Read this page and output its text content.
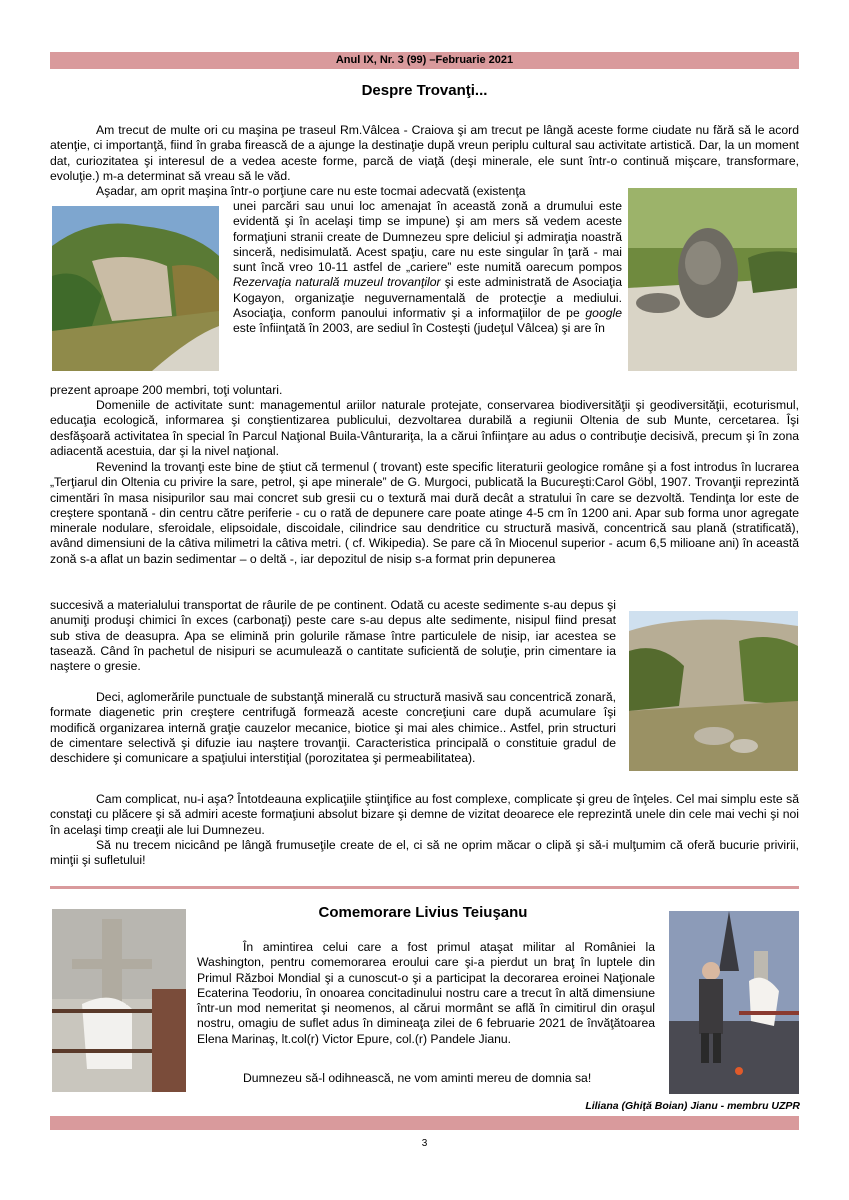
Anul IX, Nr. 3 (99) –Februarie 2021
Despre Trovanţi...

Am trecut de multe ori cu maşina pe traseul Rm.Vâlcea - Craiova şi am trecut pe lângă aceste forme ciudate nu fără să le acord atenţie, ci importanţă, fiind în graba firească de a ajunge la destinaţie după vreun periplu cultural sau activitate artistică. Dar, la un moment dat, curiozitatea şi interesul de a vedea aceste forme, parcă de viaţă (deşi minerale, ele sunt într-o continuă mişcare, transformare, evoluţie.) m-a determinat să vreau să le văd.

Aşadar, am oprit maşina într-o porţiune care nu este tocmai adecvată (existenţa

unei parcări sau unui loc amenajat în această zonă a drumului este evidentă şi în acelaşi timp se impune) şi am mers să vedem aceste formaţiuni stranii create de Dumnezeu spre deliciul şi admiraţia noastră sinceră, nedisimulată. Acest spaţiu, care nu este singular în ţară - mai sunt încă vreo 10-11 astfel de „cariere” este numită oarecum pompos Rezervaţia naturală muzeul trovanţilor şi este administrată de Asociaţia Kogayon, organizaţie neguvernamentală de protecţie a mediului. Asociaţia, conform panoului informativ şi a informaţiilor de pe google este înfiinţată în 2003, are sediul în Costeşti (judeţul Vâlcea) şi are în

prezent aproape 200 membri, toţi voluntari.

Domeniile de activitate sunt: managementul ariilor naturale protejate, conservarea biodiversităţii şi geodiversităţii, ecoturismul, educaţia ecologică, informarea şi conştientizarea publicului, dezvoltarea durabilă a regiunii Oltenia de sub Munte, cercetarea. Îşi desfăşoară activitatea în special în Parcul Naţional Buila-Vânturariţa, la a cărui înfiinţare au adus o contribuţie decisivă, precum şi în zona adiacentă acestuia, dar şi la nivel naţional.

Revenind la trovanţi este bine de ştiut că termenul ( trovant) este specific literaturii geologice române şi a fost introdus în lucrarea „Terţiarul din Oltenia cu privire la sare, petrol, şi ape minerale” de G. Murgoci, publicată la Bucureşti:Carol Göbl, 1907. Trovanţii reprezintă cimentări în masa nisipurilor sau mai concret sub gresii cu o textură mai dură decât a stratului în care se dezvoltă. Tendinţa lor este de creştere spontană - din centru către periferie - cu o rată de depunere care poate atinge 4-5 cm în 1200 ani. Apar sub forma unor agregate minerale nodulare, sferoidale, elipsoidale, discoidale, cilindrice sau dendritice cu structură masivă, concentrică sau plană (stratificată), având dimensiuni de la câtiva milimetri la câtiva metri. ( cf. Wikipedia). Se pare că în Miocenul superior - acum 6,5 milioane ani) în această zonă s-a aflat un bazin sedimentar – o deltă -, iar depozitul de nisip s-a format prin depunerea

succesivă a materialului transportat de râurile de pe continent. Odată cu aceste sedimente s-au depus şi anumiţi produşi chimici în exces (carbonaţi) peste care s-au depus alte sedimente, nisipul fiind presat sub stiva de deasupra. Apa se elimină prin golurile rămase între particulele de nisip, iar acestea se tasează. Când în pachetul de nisipuri se acumulează o cantitate suficientă de soluţie, prin cimentare ia naştere o gresie.

Deci, aglomerările punctuale de substanţă minerală cu structură masivă sau concentrică zonară, formate diagenetic prin creştere centrifugă formează aceste concreţiuni care după acumulare îşi modifică organizarea internă graţie cauzelor mecanice, biotice şi mai ales chimice.. Astfel, prin structuri de cimentare selectivă şi difuzie iau naştere trovanţii. Caracteristica principală o constituie gradul de deschidere şi comunicare a spaţiului interstiţial (porozitatea şi permeabilitatea).

Cam complicat, nu-i aşa? Întotdeauna explicaţiile ştiinţifice au fost complexe, complicate şi greu de înţeles. Cel mai simplu este să constaţi cu plăcere şi să admiri aceste formaţiuni absolut bizare şi demne de vizitat deoarece ele reprezintă unele din cele mai vechi şi noi în acelaşi timp creaţii ale lui Dumnezeu.

Să nu trecem nicicând pe lângă frumuseţile create de el, ci să ne oprim măcar o clipă şi să-i mulţumim că oferă bucurie privirii, minţii şi sufletului!

Comemorare Livius Teiuşanu

În amintirea celui care a fost primul ataşat militar al României la Washington, pentru comemorarea eroului care şi-a pierdut un braţ în luptele din Primul Război Mondial şi a cunoscut-o şi a participat la decorarea eroinei Naţionale Ecaterina Teodoriu, în onoarea concitadinului nostru care a trecut în altă dimensiune într-un mod nemeritat şi neomenos, al cărui mormânt se află în cimitirul din oraşul nostru, omagiu de suflet adus în dimineaţa zilei de 6 februarie 2021 de învăţătoarea Elena Marinaş, lt.col(r) Victor Epure, col.(r) Pandele Jianu.

Dumnezeu să-l odihnească, ne vom aminti mereu de domnia sa!

Liliana (Ghiţă Boian) Jianu - membru UZPR
3
